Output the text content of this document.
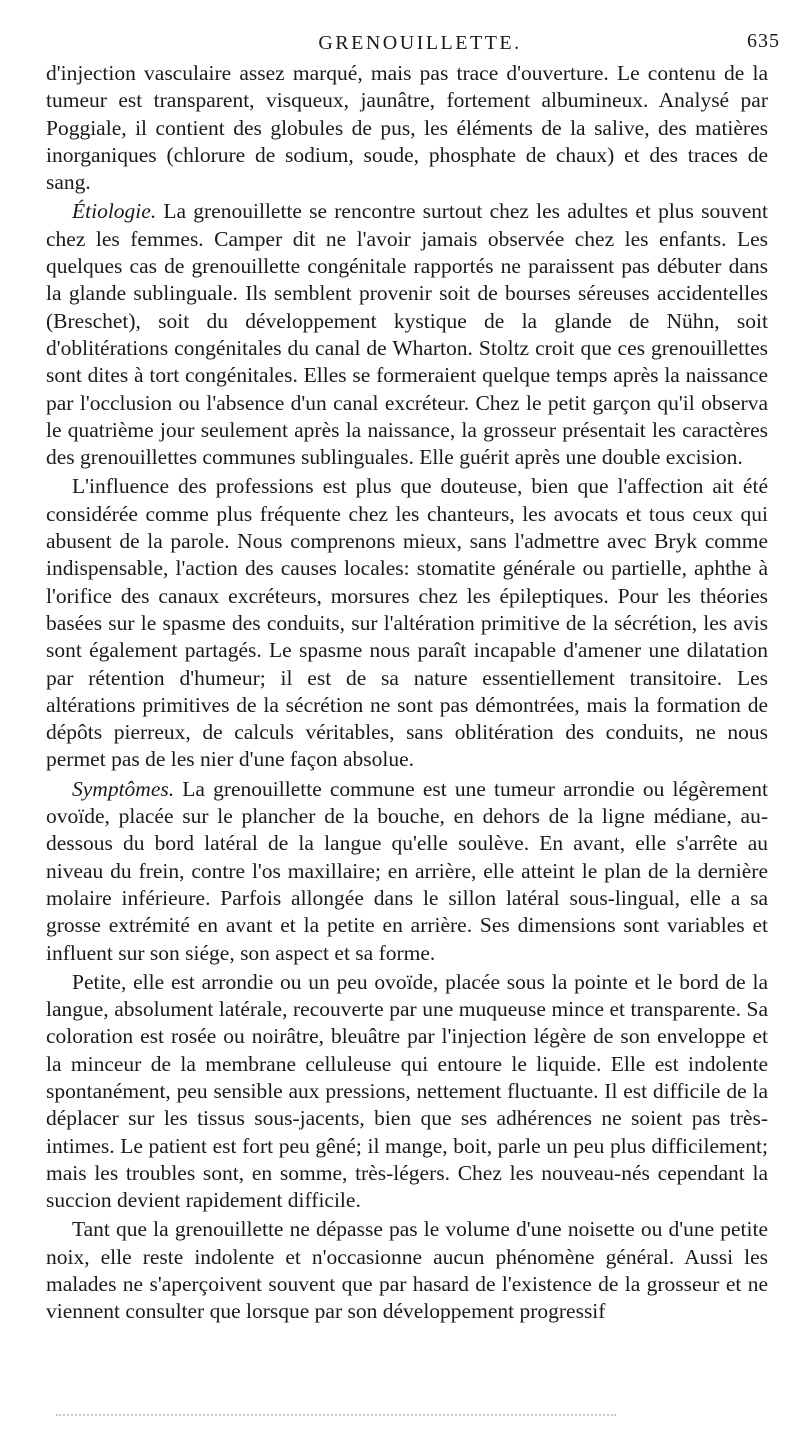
GRENOUILLETTE.	635

d'injection vasculaire assez marqué, mais pas trace d'ouverture. Le contenu de la tumeur est transparent, visqueux, jaunâtre, fortement albumineux. Analysé par Poggiale, il contient des globules de pus, les éléments de la salive, des matières inorganiques (chlorure de sodium, soude, phosphate de chaux) et des traces de sang.

Étiologie. La grenouillette se rencontre surtout chez les adultes et plus souvent chez les femmes. Camper dit ne l'avoir jamais observée chez les enfants. Les quelques cas de grenouillette congénitale rapportés ne paraissent pas débuter dans la glande sublinguale. Ils semblent provenir soit de bourses séreuses accidentelles (Breschet), soit du développement kystique de la glande de Nühn, soit d'oblitérations congénitales du canal de Wharton. Stoltz croit que ces grenouillettes sont dites à tort congénitales. Elles se formeraient quelque temps après la naissance par l'occlusion ou l'absence d'un canal excréteur. Chez le petit garçon qu'il observa le quatrième jour seulement après la naissance, la grosseur présentait les caractères des grenouillettes communes sublinguales. Elle guérit après une double excision.

L'influence des professions est plus que douteuse, bien que l'affection ait été considérée comme plus fréquente chez les chanteurs, les avocats et tous ceux qui abusent de la parole. Nous comprenons mieux, sans l'admettre avec Bryk comme indispensable, l'action des causes locales: stomatite générale ou partielle, aphthe à l'orifice des canaux excréteurs, morsures chez les épileptiques. Pour les théories basées sur le spasme des conduits, sur l'altération primitive de la sécrétion, les avis sont également partagés. Le spasme nous paraît incapable d'amener une dilatation par rétention d'humeur; il est de sa nature essentiellement transitoire. Les altérations primitives de la sécrétion ne sont pas démontrées, mais la formation de dépôts pierreux, de calculs véritables, sans oblitération des conduits, ne nous permet pas de les nier d'une façon absolue.

Symptômes. La grenouillette commune est une tumeur arrondie ou légèrement ovoïde, placée sur le plancher de la bouche, en dehors de la ligne médiane, au-dessous du bord latéral de la langue qu'elle soulève. En avant, elle s'arrête au niveau du frein, contre l'os maxillaire; en arrière, elle atteint le plan de la dernière molaire inférieure. Parfois allongée dans le sillon latéral sous-lingual, elle a sa grosse extrémité en avant et la petite en arrière. Ses dimensions sont variables et influent sur son siége, son aspect et sa forme.

Petite, elle est arrondie ou un peu ovoïde, placée sous la pointe et le bord de la langue, absolument latérale, recouverte par une muqueuse mince et transparente. Sa coloration est rosée ou noirâtre, bleuâtre par l'injection légère de son enveloppe et la minceur de la membrane celluleuse qui entoure le liquide. Elle est indolente spontanément, peu sensible aux pressions, nettement fluctuante. Il est difficile de la déplacer sur les tissus sous-jacents, bien que ses adhérences ne soient pas très-intimes. Le patient est fort peu gêné; il mange, boit, parle un peu plus difficilement; mais les troubles sont, en somme, très-légers. Chez les nouveau-nés cependant la succion devient rapidement difficile.

Tant que la grenouillette ne dépasse pas le volume d'une noisette ou d'une petite noix, elle reste indolente et n'occasionne aucun phénomène général. Aussi les malades ne s'aperçoivent souvent que par hasard de l'existence de la grosseur et ne viennent consulter que lorsque par son développement progressif
